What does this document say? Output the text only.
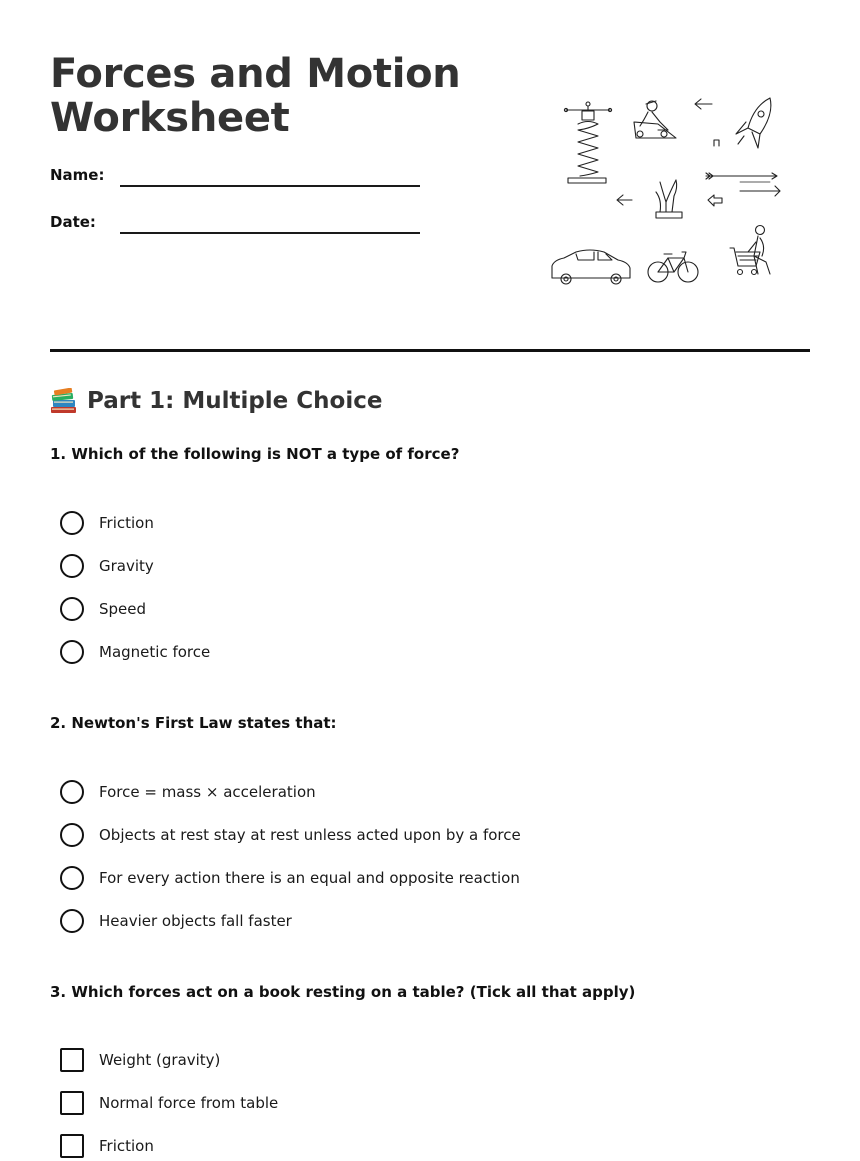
Forces and Motion Worksheet
Name:
Date:
Part 1: Multiple Choice

1. Which of the following is NOT a type of force?

Friction
Gravity
Speed
Magnetic force

2. Newton's First Law states that:

Force = mass × acceleration
Objects at rest stay at rest unless acted upon by a force
For every action there is an equal and opposite reaction
Heavier objects fall faster

3. Which forces act on a book resting on a table? (Tick all that apply)

Weight (gravity)
Normal force from table
Friction
